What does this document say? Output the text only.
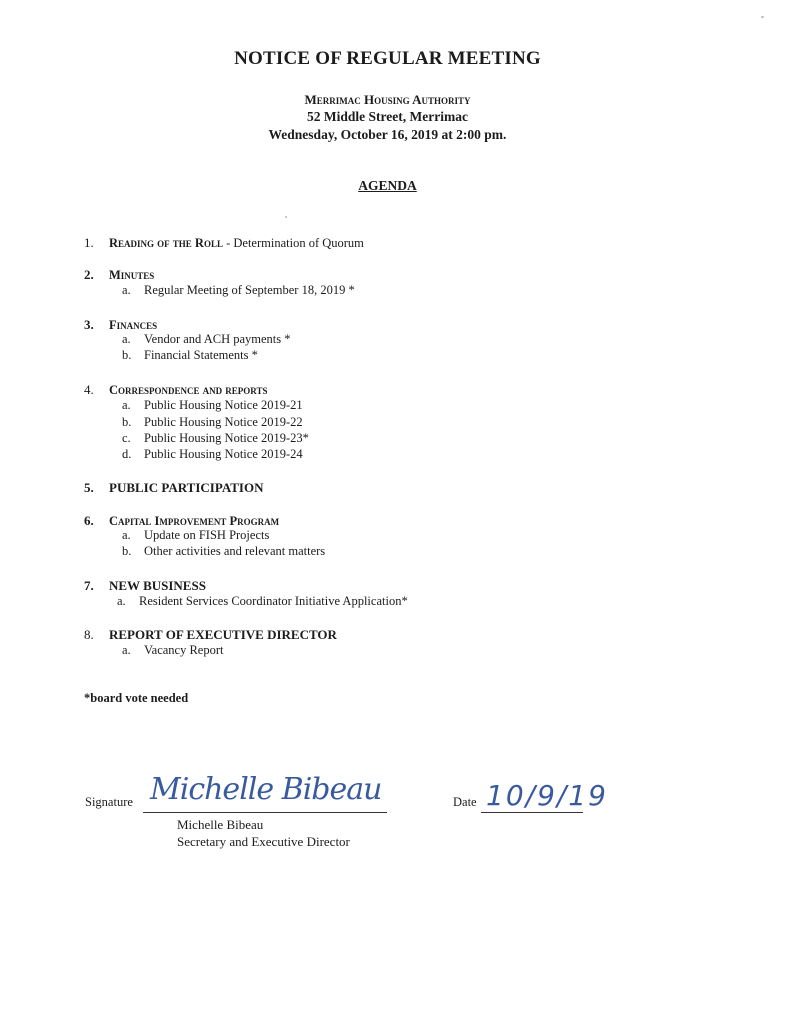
NOTICE OF REGULAR MEETING
Merrimac Housing Authority
52 Middle Street, Merrimac
Wednesday, October 16, 2019 at 2:00 pm.
AGENDA
1. Reading of the Roll - Determination of Quorum
2. Minutes
a. Regular Meeting of September 18, 2019 *
3. Finances
a. Vendor and ACH payments *
b. Financial Statements *
4. Correspondence and reports
a. Public Housing Notice 2019-21
b. Public Housing Notice 2019-22
c. Public Housing Notice 2019-23*
d. Public Housing Notice 2019-24
5. PUBLIC PARTICIPATION
6. Capital Improvement Program
a. Update on FISH Projects
b. Other activities and relevant matters
7. NEW BUSINESS
a. Resident Services Coordinator Initiative Application*
8. REPORT OF EXECUTIVE DIRECTOR
a. Vacancy Report
*board vote needed
Signature Michelle Bibeau
Michelle Bibeau
Secretary and Executive Director
Date 10/9/19
